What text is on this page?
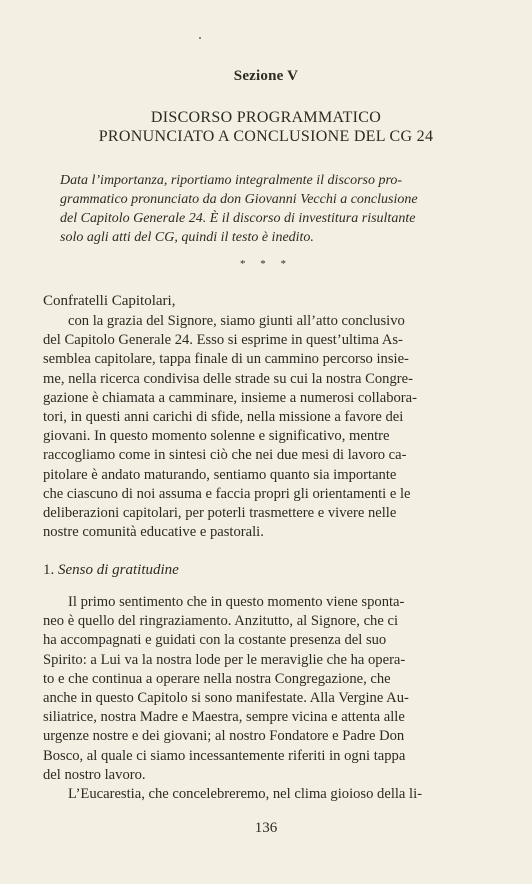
Sezione V
DISCORSO PROGRAMMATICO
PRONUNCIATO A CONCLUSIONE DEL CG 24
Data l’importanza, riportiamo integralmente il discorso pro-
grammatico pronunciato da don Giovanni Vecchi a conclusione
del Capitolo Generale 24. È il discorso di investitura risultante
solo agli atti del CG, quindi il testo è inedito.
* * *
Confratelli Capitolari,
con la grazia del Signore, siamo giunti all’atto conclusivo
del Capitolo Generale 24. Esso si esprime in quest’ultima As-
semblea capitolare, tappa finale di un cammino percorso insie-
me, nella ricerca condivisa delle strade su cui la nostra Congre-
gazione è chiamata a camminare, insieme a numerosi collabora-
tori, in questi anni carichi di sfide, nella missione a favore dei
giovani. In questo momento solenne e significativo, mentre
raccogliamo come in sintesi ciò che nei due mesi di lavoro ca-
pitolare è andato maturando, sentiamo quanto sia importante
che ciascuno di noi assuma e faccia propri gli orientamenti e le
deliberazioni capitolari, per poterli trasmettere e vivere nelle
nostre comunità educative e pastorali.
1. Senso di gratitudine
Il primo sentimento che in questo momento viene sponta-
neo è quello del ringraziamento. Anzitutto, al Signore, che ci
ha accompagnati e guidati con la costante presenza del suo
Spirito: a Lui va la nostra lode per le meraviglie che ha opera-
to e che continua a operare nella nostra Congregazione, che
anche in questo Capitolo si sono manifestate. Alla Vergine Au-
siliatrice, nostra Madre e Maestra, sempre vicina e attenta alle
urgenze nostre e dei giovani; al nostro Fondatore e Padre Don
Bosco, al quale ci siamo incessantemente riferiti in ogni tappa
del nostro lavoro.
L’Eucarestia, che concelebreremo, nel clima gioioso della li-
136
